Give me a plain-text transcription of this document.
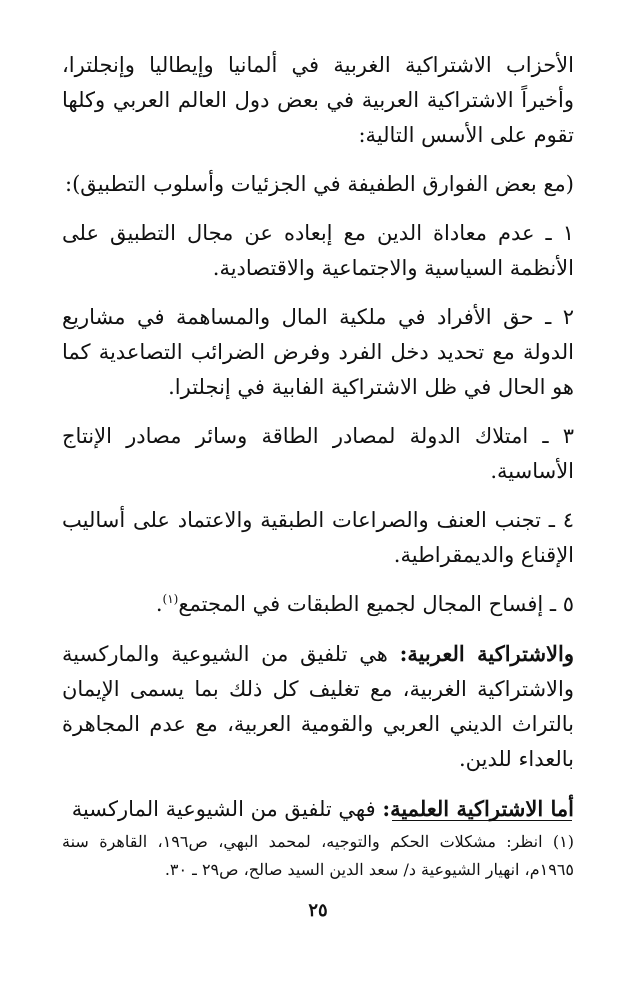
الأحزاب الاشتراكية الغربية في ألمانيا وإيطاليا وإنجلترا، وأخيراً الاشتراكية العربية في بعض دول العالم العربي وكلها تقوم على الأسس التالية:

(مع بعض الفوارق الطفيفة في الجزئيات وأسلوب التطبيق):

١ ـ عدم معاداة الدين مع إبعاده عن مجال التطبيق على الأنظمة السياسية والاجتماعية والاقتصادية.

٢ ـ حق الأفراد في ملكية المال والمساهمة في مشاريع الدولة مع تحديد دخل الفرد وفرض الضرائب التصاعدية كما هو الحال في ظل الاشتراكية الفابية في إنجلترا.

٣ ـ امتلاك الدولة لمصادر الطاقة وسائر مصادر الإنتاج الأساسية.

٤ ـ تجنب العنف والصراعات الطبقية والاعتماد على أساليب الإقناع والديمقراطية.

٥ ـ إفساح المجال لجميع الطبقات في المجتمع$^{(١)}$.

والاشتراكية العربية: هي تلفيق من الشيوعية والماركسية والاشتراكية الغربية، مع تغليف كل ذلك بما يسمى الإيمان بالتراث الديني العربي والقومية العربية، مع عدم المجاهرة بالعداء للدين.

أما الاشتراكية العلمية: فهي تلفيق من الشيوعية الماركسية

(١) انظر: مشكلات الحكم والتوجيه، لمحمد البهي، ص١٩٦، القاهرة سنة ١٩٦٥م، انهيار الشيوعية د/ سعد الدين السيد صالح، ص٢٩ ـ ٣٠.
٢٥
